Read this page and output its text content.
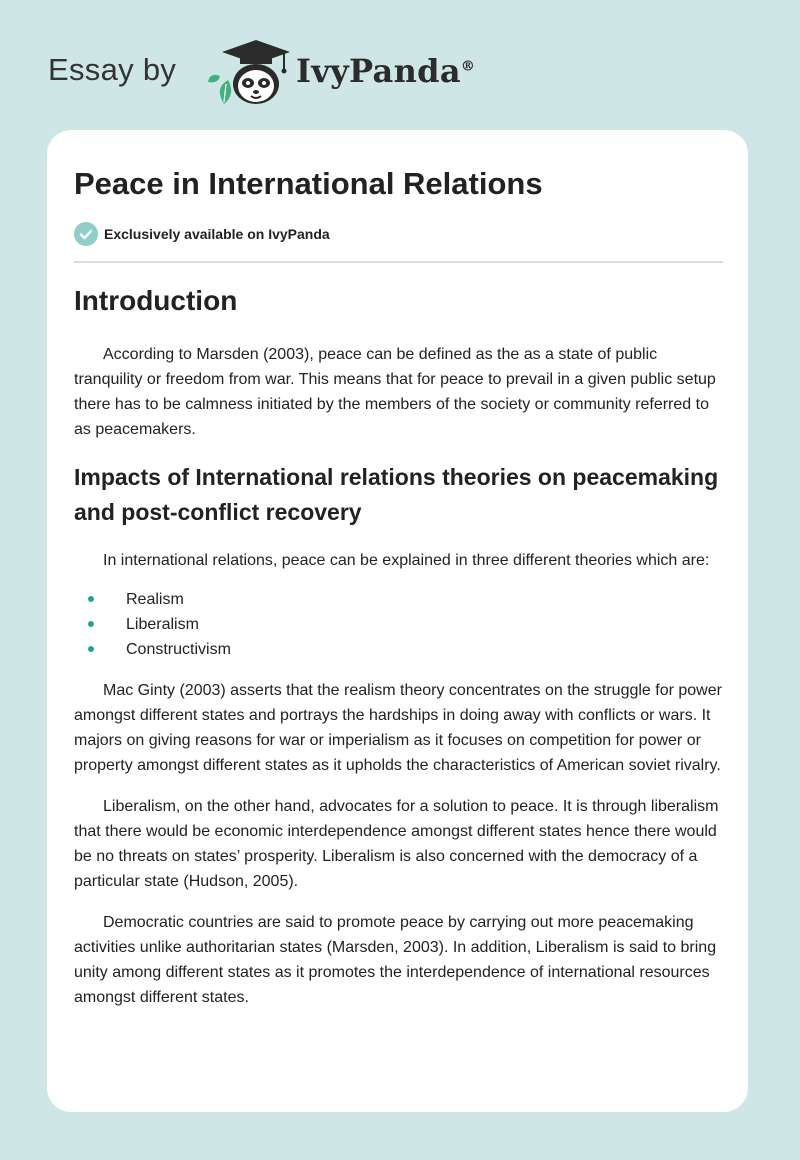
Essay by	IvyPanda®
Peace in International Relations
Exclusively available on IvyPanda
Introduction

According to Marsden (2003), peace can be defined as the as a state of public tranquility or freedom from war. This means that for peace to prevail in a given public setup there has to be calmness initiated by the members of the society or community referred to as peacemakers.

Impacts of International relations theories on peacemaking and post-conflict recovery

In international relations, peace can be explained in three different theories which are:

Realism
Liberalism
Constructivism

Mac Ginty (2003) asserts that the realism theory concentrates on the struggle for power amongst different states and portrays the hardships in doing away with conflicts or wars. It majors on giving reasons for war or imperialism as it focuses on competition for power or property amongst different states as it upholds the characteristics of American soviet rivalry.

Liberalism, on the other hand, advocates for a solution to peace. It is through liberalism that there would be economic interdependence amongst different states hence there would be no threats on states’ prosperity. Liberalism is also concerned with the democracy of a particular state (Hudson, 2005).

Democratic countries are said to promote peace by carrying out more peacemaking activities unlike authoritarian states (Marsden, 2003). In addition, Liberalism is said to bring unity among different states as it promotes the interdependence of international resources amongst different states.
